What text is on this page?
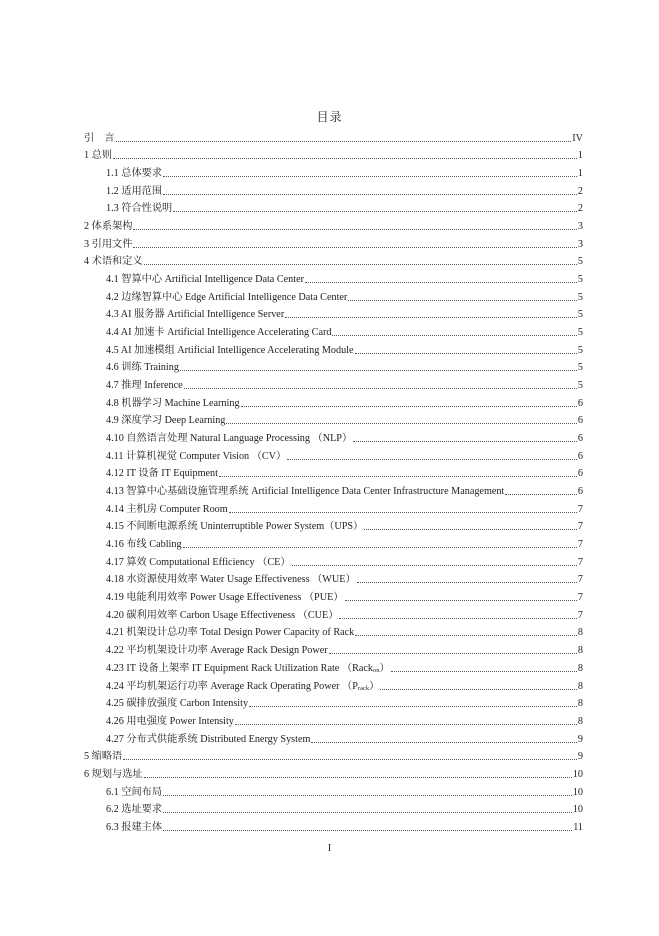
目录
引　言	IV
1 总则	1
1.1 总体要求	1
1.2 适用范围	2
1.3 符合性说明	2
2 体系架构	3
3 引用文件	3
4 术语和定义	5
4.1 智算中心 Artificial Intelligence Data Center	5
4.2 边缘智算中心 Edge Artificial Intelligence Data Center	5
4.3 AI 服务器 Artificial Intelligence Server	5
4.4 AI 加速卡 Artificial Intelligence Accelerating Card	5
4.5 AI 加速模组 Artificial Intelligence Accelerating Module	5
4.6 训练 Training	5
4.7 推理 Inference	5
4.8 机器学习 Machine Learning	6
4.9 深度学习 Deep Learning	6
4.10 自然语言处理 Natural Language Processing （NLP）	6
4.11 计算机视觉 Computer Vision （CV）	6
4.12 IT 设备 IT Equipment	6
4.13 智算中心基础设施管理系统 Artificial Intelligence Data Center Infrastructure Management	6
4.14 主机房 Computer Room	7
4.15 不间断电源系统 Uninterruptible Power System（UPS）	7
4.16 布线 Cabling	7
4.17 算效 Computational Efficiency （CE）	7
4.18 水资源使用效率 Water Usage Effectiveness （WUE）	7
4.19 电能利用效率 Power Usage Effectiveness （PUE）	7
4.20 碳利用效率 Carbon Usage Effectiveness （CUE）	7
4.21 机架设计总功率 Total Design Power Capacity of Rack	8
4.22 平均机架设计功率 Average Rack Design Power	8
4.23 IT 设备上架率 IT Equipment Rack Utilization Rate （Rack$_{on}$）	8
4.24 平均机架运行功率 Average Rack Operating Power $(P_{rack})$	8
4.25 碳排放强度 Carbon Intensity	8
4.26 用电强度 Power Intensity	8
4.27 分布式供能系统 Distributed Energy System	9
5 缩略语	9
6 规划与选址	10
6.1 空间布局	10
6.2 选址要求	10
6.3 报建主体	11
I
